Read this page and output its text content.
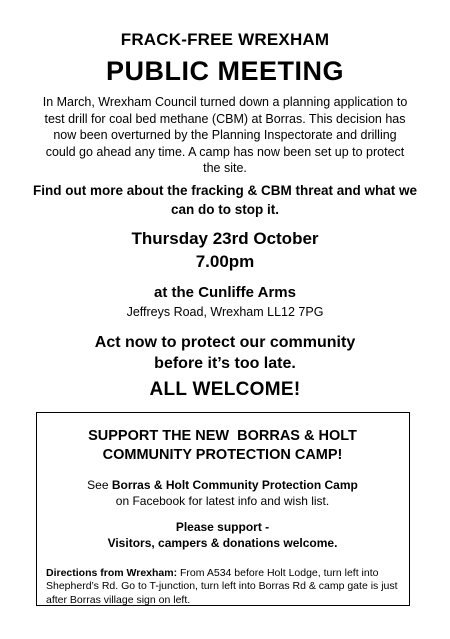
FRACK-FREE WREXHAM

PUBLIC MEETING

In March, Wrexham Council turned down a planning application to test drill for coal bed methane (CBM) at Borras. This decision has now been overturned by the Planning Inspectorate and drilling could go ahead any time. A camp has now been set up to protect the site.

Find out more about the fracking & CBM threat and what we can do to stop it.

Thursday 23rd October

7.00pm

at the Cunliffe Arms

Jeffreys Road, Wrexham LL12 7PG

Act now to protect our community
before it’s too late.

ALL WELCOME!

SUPPORT THE NEW  BORRAS & HOLT
COMMUNITY PROTECTION CAMP!
See Borras & Holt Community Protection Camp
on Facebook for latest info and wish list.
Please support -
Visitors, campers & donations welcome.

Directions from Wrexham: From A534 before Holt Lodge, turn left into Shepherd’s Rd. Go to T-junction, turn left into Borras Rd & camp gate is just after Borras village sign on left.
